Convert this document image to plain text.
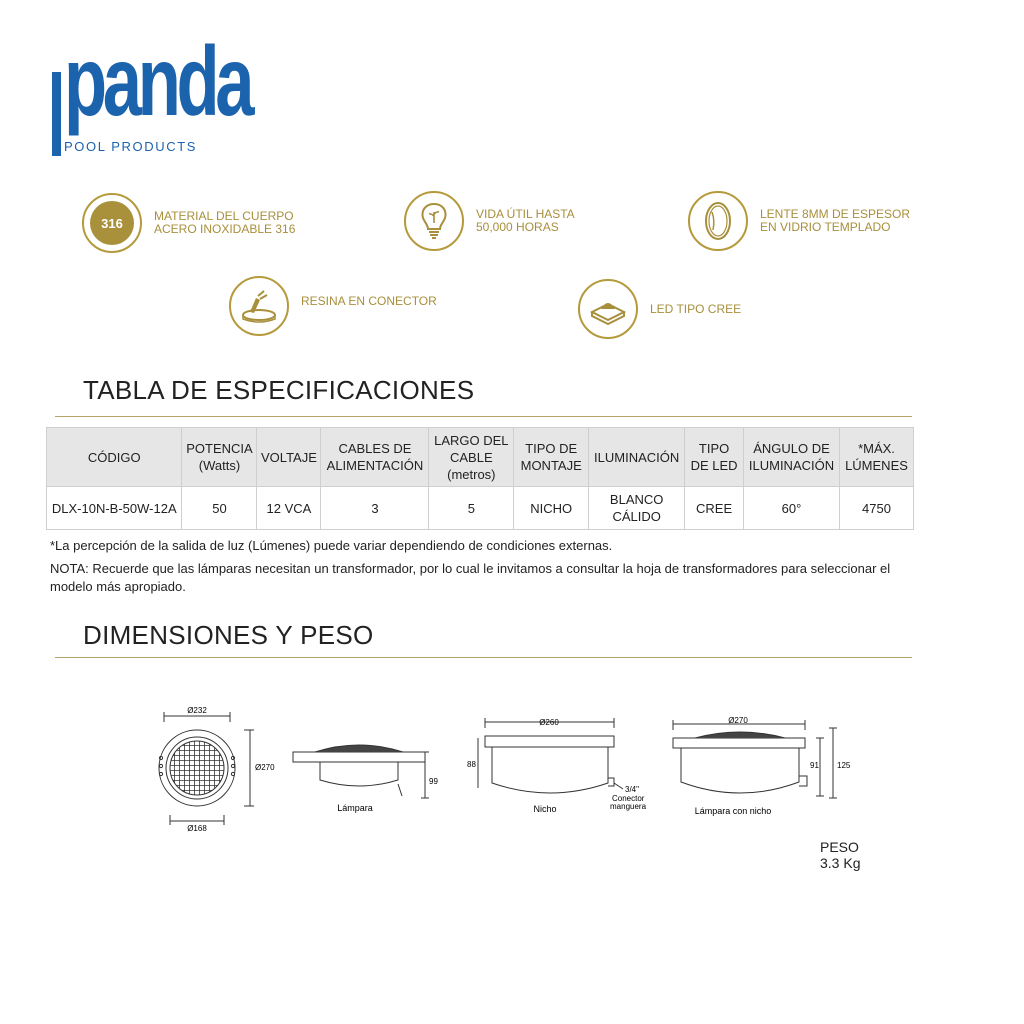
panda
POOL PRODUCTS
316	MATERIAL DEL CUERPO
ACERO INOXIDABLE 316
VIDA ÚTIL HASTA
50,000 HORAS
LENTE 8MM DE ESPESOR
EN VIDRIO TEMPLADO
RESINA EN CONECTOR
LED TIPO CREE
TABLA DE ESPECIFICACIONES
CÓDIGO	POTENCIA (Watts)	VOLTAJE	CABLES DE ALIMENTACIÓN	LARGO DEL CABLE (metros)	TIPO DE MONTAJE	ILUMINACIÓN	TIPO DE LED	ÁNGULO DE ILUMINACIÓN	*MÁX. LÚMENES
DLX-10N-B-50W-12A	50	12 VCA	3	5	NICHO	BLANCO CÁLIDO	CREE	60°	4750
*La percepción de la salida de luz (Lúmenes) puede variar dependiendo de condiciones externas.
NOTA: Recuerde que las lámparas necesitan un transformador, por lo cual le invitamos a consultar la hoja de transformadores para seleccionar el modelo más apropiado.
DIMENSIONES Y PESO
Ø232
Ø168
Ø270
99
Lámpara
Ø260
88
3/4"
Conector
manguera
Nicho
Ø270
91 125
Lámpara con nicho
PESO
3.3 Kg
